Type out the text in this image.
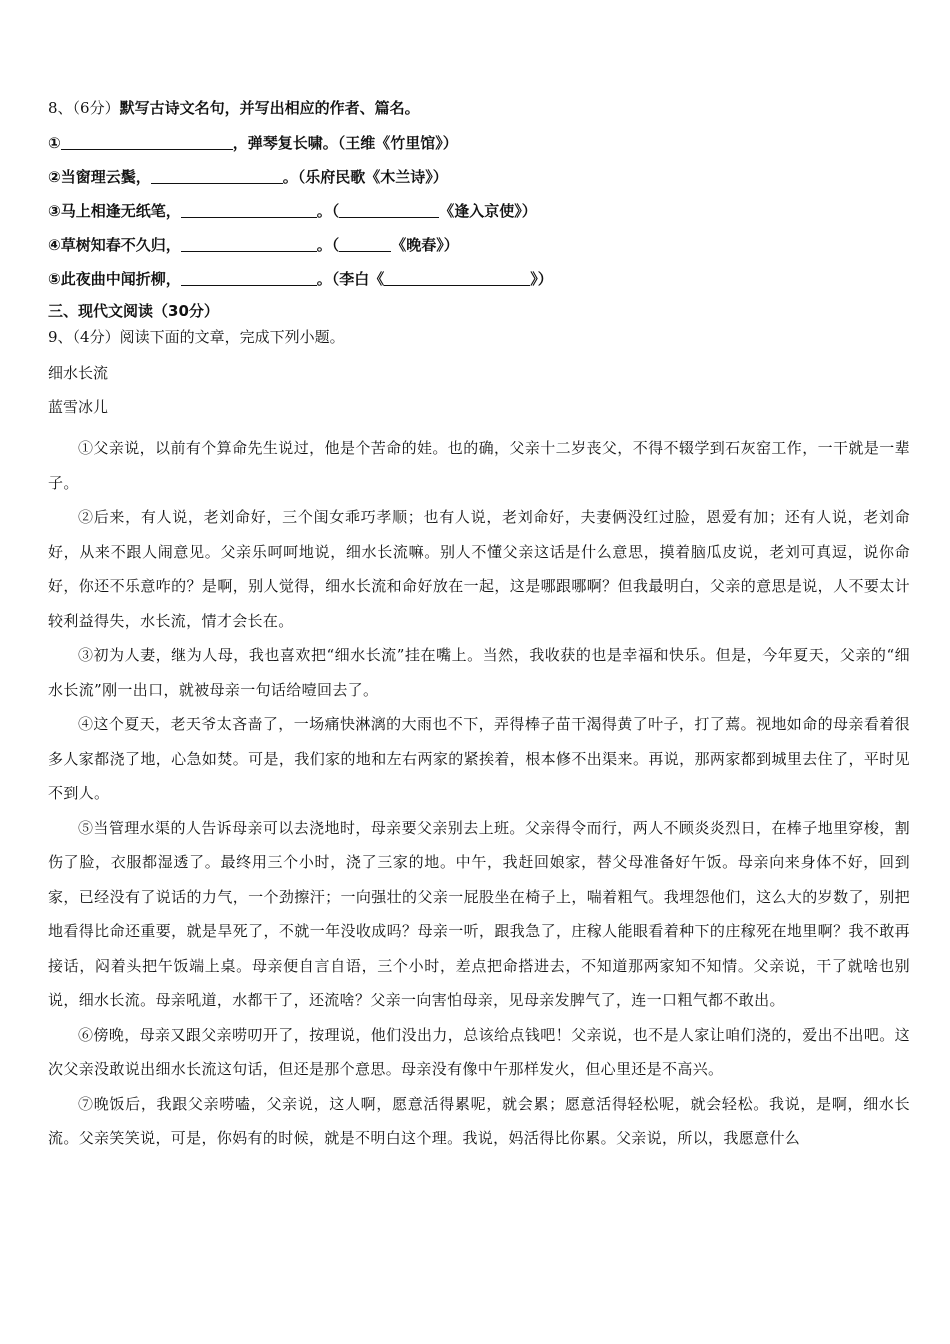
8、（6分）默写古诗文名句，并写出相应的作者、篇名。
①	，弹琴复长啸。（王维《竹里馆》）
②当窗理云鬓，	。（乐府民歌《木兰诗》）
③马上相逢无纸笔，	。（	《逢入京使》）
④草树知春不久归，	。（	《晚春》）
⑤此夜曲中闻折柳，	。（李白《	》）
三、现代文阅读（30分）
9、（4分）阅读下面的文章，完成下列小题。
细水长流
蓝雪冰儿

①父亲说，以前有个算命先生说过，他是个苦命的娃。也的确，父亲十二岁丧父，不得不辍学到石灰窑工作，一干就是一辈子。

②后来，有人说，老刘命好，三个闺女乖巧孝顺；也有人说，老刘命好，夫妻俩没红过脸，恩爱有加；还有人说，老刘命好，从来不跟人闹意见。父亲乐呵呵地说，细水长流嘛。别人不懂父亲这话是什么意思，摸着脑瓜皮说，老刘可真逗，说你命好，你还不乐意咋的？是啊，别人觉得，细水长流和命好放在一起，这是哪跟哪啊？但我最明白，父亲的意思是说，人不要太计较利益得失，水长流，情才会长在。

③初为人妻，继为人母，我也喜欢把“细水长流”挂在嘴上。当然，我收获的也是幸福和快乐。但是，今年夏天，父亲的“细水长流”刚一出口，就被母亲一句话给噎回去了。

④这个夏天，老天爷太吝啬了，一场痛快淋漓的大雨也不下，弄得棒子苗干渴得黄了叶子，打了蔫。视地如命的母亲看着很多人家都浇了地，心急如焚。可是，我们家的地和左右两家的紧挨着，根本修不出渠来。再说，那两家都到城里去住了，平时见不到人。

⑤当管理水渠的人告诉母亲可以去浇地时，母亲要父亲别去上班。父亲得令而行，两人不顾炎炎烈日，在棒子地里穿梭，割伤了脸，衣服都湿透了。最终用三个小时，浇了三家的地。中午，我赶回娘家，替父母准备好午饭。母亲向来身体不好，回到家，已经没有了说话的力气，一个劲擦汗；一向强壮的父亲一屁股坐在椅子上，喘着粗气。我埋怨他们，这么大的岁数了，别把地看得比命还重要，就是旱死了，不就一年没收成吗？母亲一听，跟我急了，庄稼人能眼看着种下的庄稼死在地里啊？我不敢再接话，闷着头把午饭端上桌。母亲便自言自语，三个小时，差点把命搭进去，不知道那两家知不知情。父亲说，干了就啥也别说，细水长流。母亲吼道，水都干了，还流啥？父亲一向害怕母亲，见母亲发脾气了，连一口粗气都不敢出。

⑥傍晚，母亲又跟父亲唠叨开了，按理说，他们没出力，总该给点钱吧！父亲说，也不是人家让咱们浇的，爱出不出吧。这次父亲没敢说出细水长流这句话，但还是那个意思。母亲没有像中午那样发火，但心里还是不高兴。

⑦晚饭后，我跟父亲唠嗑，父亲说，这人啊，愿意活得累呢，就会累；愿意活得轻松呢，就会轻松。我说，是啊，细水长流。父亲笑笑说，可是，你妈有的时候，就是不明白这个理。我说，妈活得比你累。父亲说，所以，我愿意什么
